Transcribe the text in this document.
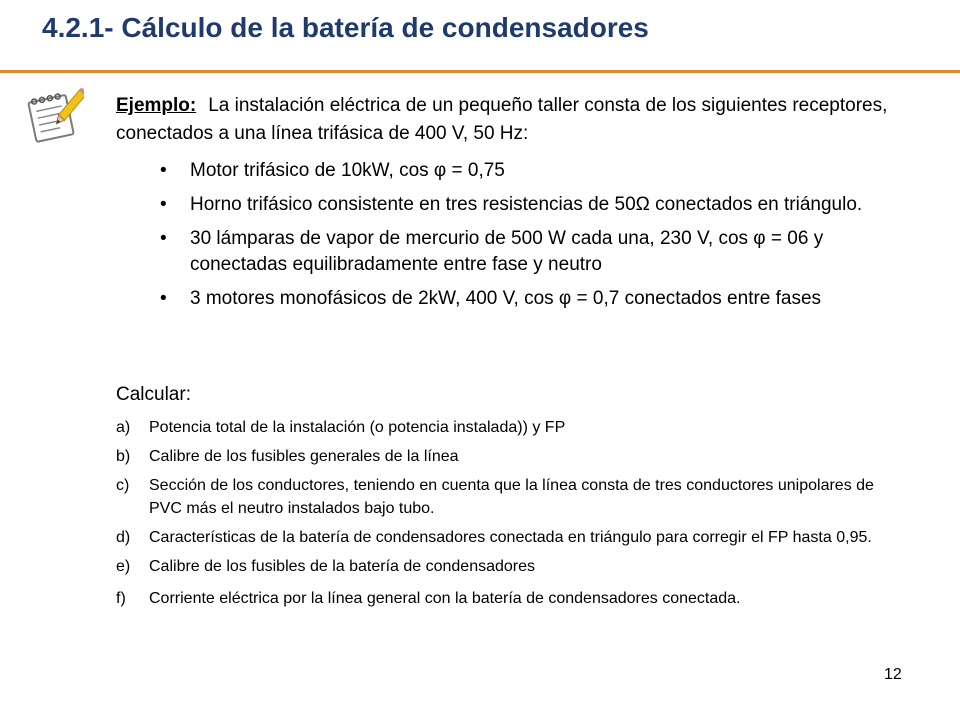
4.2.1- Cálculo de la batería de condensadores
Ejemplo: La instalación eléctrica de un pequeño taller consta de los siguientes receptores, conectados a una línea trifásica de 400 V, 50 Hz:
• Motor trifásico de 10kW, cos φ = 0,75
• Horno trifásico consistente en tres resistencias de 50Ω conectados en triángulo.
• 30 lámparas de vapor de mercurio de 500 W cada una, 230 V, cos φ = 06 y conectadas equilibradamente entre fase y neutro
• 3 motores monofásicos de 2kW, 400 V, cos φ = 0,7 conectados entre fases
Calcular:
a) Potencia total de la instalación (o potencia instalada)) y FP
b) Calibre de los fusibles generales de la línea
c) Sección de los conductores, teniendo en cuenta que la línea consta de tres conductores unipolares de PVC más el neutro instalados bajo tubo.
d) Características de la batería de condensadores conectada en triángulo para corregir el FP hasta 0,95.
e) Calibre de los fusibles de la batería de condensadores
f) Corriente eléctrica por la línea general con la batería de condensadores conectada.
12
